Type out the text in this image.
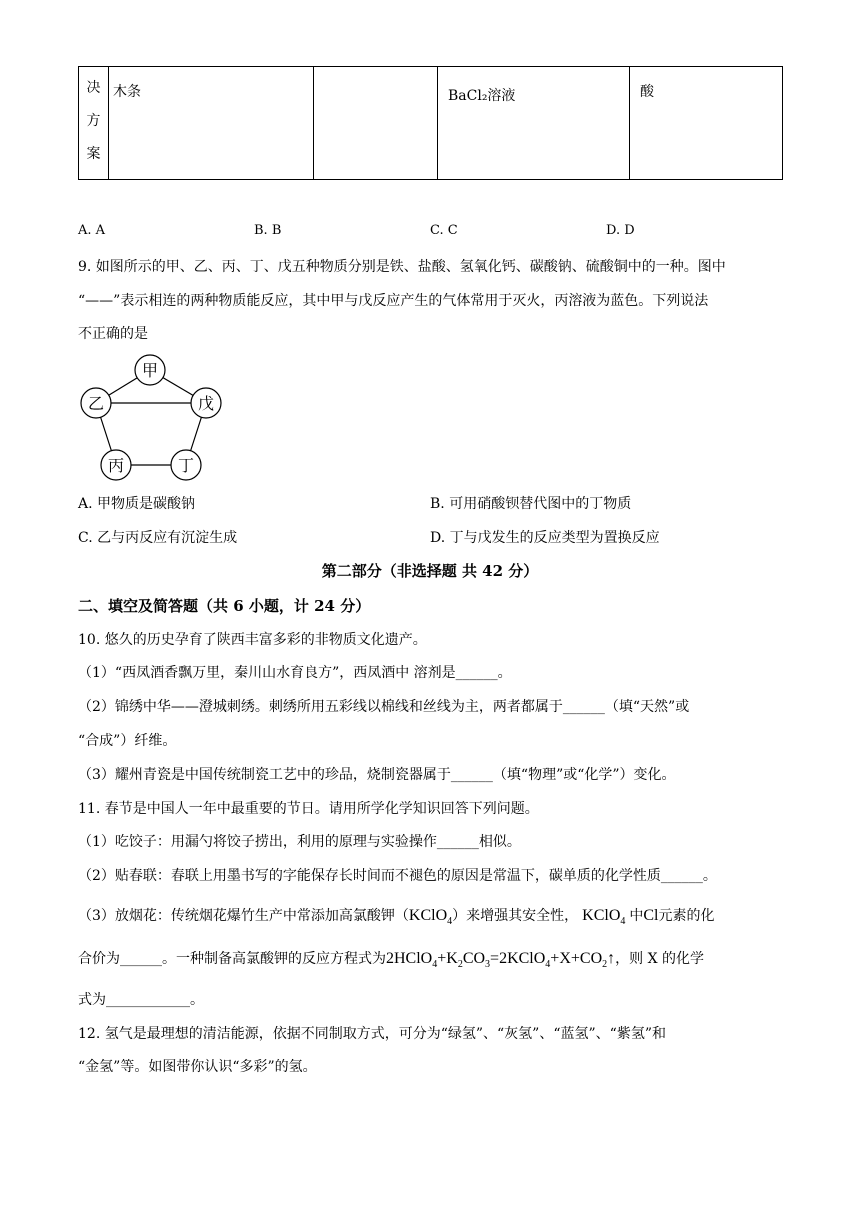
决
方
案

木条		BaCl₂溶液	酸
A. A	B. B	C. C	D. D
9. 如图所示的甲、乙、丙、丁、戊五种物质分别是铁、盐酸、氢氧化钙、碳酸钠、硫酸铜中的一种。图中
“——”表示相连的两种物质能反应，其中甲与戊反应产生的气体常用于灭火，丙溶液为蓝色。下列说法
不正确的是
甲
乙	戊
丙	丁
A. 甲物质是碳酸钠	B. 可用硝酸钡替代图中的丁物质
C. 乙与丙反应有沉淀生成	D. 丁与戊发生的反应类型为置换反应
第二部分（非选择题 共 42 分）
二、填空及简答题（共 6 小题，计 24 分）
10. 悠久的历史孕育了陕西丰富多彩的非物质文化遗产。
（1）“西凤酒香飘万里，秦川山水育良方”，西凤酒中 溶剂是______。
（2）锦绣中华——澄城刺绣。刺绣所用五彩线以棉线和丝线为主，两者都属于______（填“天然”或
“合成”）纤维。
（3）耀州青瓷是中国传统制瓷工艺中的珍品，烧制瓷器属于______（填“物理”或“化学”）变化。
11. 春节是中国人一年中最重要的节日。请用所学化学知识回答下列问题。
（1）吃饺子：用漏勺将饺子捞出，利用的原理与实验操作______相似。
（2）贴春联：春联上用墨书写的字能保存长时间而不褪色的原因是常温下，碳单质的化学性质______。
（3）放烟花：传统烟花爆竹生产中常添加高氯酸钾（KClO$_4$）来增强其安全性， KClO$_4$ 中Cl元素的化
合价为______。一种制备高氯酸钾的反应方程式为$2HClO_4+K_2CO_3=2KClO_4+X+CO_2↑$，则 X 的化学
式为____________。
12. 氢气是最理想的清洁能源，依据不同制取方式，可分为“绿氢”、“灰氢”、“蓝氢”、“紫氢”和
“金氢”等。如图带你认识“多彩”的氢。
